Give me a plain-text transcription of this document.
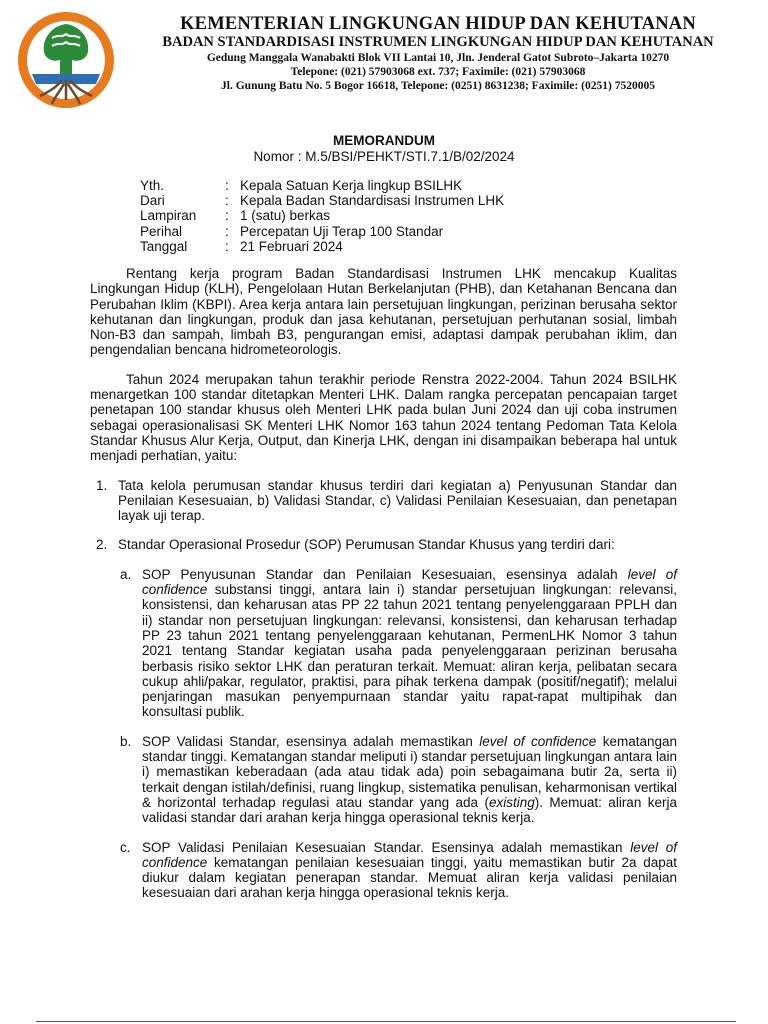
KEMENTERIAN LINGKUNGAN HIDUP DAN KEHUTANAN
BADAN STANDARDISASI INSTRUMEN LINGKUNGAN HIDUP DAN KEHUTANAN
Gedung Manggala Wanabakti Blok VII Lantai 10, Jln. Jenderal Gatot Subroto–Jakarta 10270
Telepone: (021) 57903068 ext. 737; Faximile: (021) 57903068
Jl. Gunung Batu No. 5 Bogor 16618, Telepone: (0251) 8631238; Faximile: (0251) 7520005
MEMORANDUM
Nomor : M.5/BSI/PEHKT/STI.7.1/B/02/2024
Yth.	: Kepala Satuan Kerja lingkup BSILHK
Dari	: Kepala Badan Standardisasi Instrumen LHK
Lampiran : 1 (satu) berkas
Perihal	: Percepatan Uji Terap 100 Standar
Tanggal	: 21 Februari 2024

Rentang kerja program Badan Standardisasi Instrumen LHK mencakup Kualitas Lingkungan Hidup (KLH), Pengelolaan Hutan Berkelanjutan (PHB), dan Ketahanan Bencana dan Perubahan Iklim (KBPI). Area kerja antara lain persetujuan lingkungan, perizinan berusaha sektor kehutanan dan lingkungan, produk dan jasa kehutanan, persetujuan perhutanan sosial, limbah Non-B3 dan sampah, limbah B3, pengurangan emisi, adaptasi dampak perubahan iklim, dan pengendalian bencana hidrometeorologis.

Tahun 2024 merupakan tahun terakhir periode Renstra 2022-2004. Tahun 2024 BSILHK menargetkan 100 standar ditetapkan Menteri LHK. Dalam rangka percepatan pencapaian target penetapan 100 standar khusus oleh Menteri LHK pada bulan Juni 2024 dan uji coba instrumen sebagai operasionalisasi SK Menteri LHK Nomor 163 tahun 2024 tentang Pedoman Tata Kelola Standar Khusus Alur Kerja, Output, dan Kinerja LHK, dengan ini disampaikan beberapa hal untuk menjadi perhatian, yaitu:

1. Tata kelola perumusan standar khusus terdiri dari kegiatan a) Penyusunan Standar dan Penilaian Kesesuaian, b) Validasi Standar, c) Validasi Penilaian Kesesuaian, dan penetapan layak uji terap.
2. Standar Operasional Prosedur (SOP) Perumusan Standar Khusus yang terdiri dari:
a. SOP Penyusunan Standar dan Penilaian Kesesuaian, esensinya adalah level of confidence substansi tinggi, antara lain i) standar persetujuan lingkungan: relevansi, konsistensi, dan keharusan atas PP 22 tahun 2021 tentang penyelenggaraan PPLH dan ii) standar non persetujuan lingkungan: relevansi, konsistensi, dan keharusan terhadap PP 23 tahun 2021 tentang penyelenggaraan kehutanan, PermenLHK Nomor 3 tahun 2021 tentang Standar kegiatan usaha pada penyelenggaraan perizinan berusaha berbasis risiko sektor LHK dan peraturan terkait. Memuat: aliran kerja, pelibatan secara cukup ahli/pakar, regulator, praktisi, para pihak terkena dampak (positif/negatif); melalui penjaringan masukan penyempurnaan standar yaitu rapat-rapat multipihak dan konsultasi publik.
b. SOP Validasi Standar, esensinya adalah memastikan level of confidence kematangan standar tinggi. Kematangan standar meliputi i) standar persetujuan lingkungan antara lain i) memastikan keberadaan (ada atau tidak ada) poin sebagaimana butir 2a, serta ii) terkait dengan istilah/definisi, ruang lingkup, sistematika penulisan, keharmonisan vertikal & horizontal terhadap regulasi atau standar yang ada (existing). Memuat: aliran kerja validasi standar dari arahan kerja hingga operasional teknis kerja.
c. SOP Validasi Penilaian Kesesuaian Standar. Esensinya adalah memastikan level of confidence kematangan penilaian kesesuaian tinggi, yaitu memastikan butir 2a dapat diukur dalam kegiatan penerapan standar. Memuat aliran kerja validasi penilaian kesesuaian dari arahan kerja hingga operasional teknis kerja.
